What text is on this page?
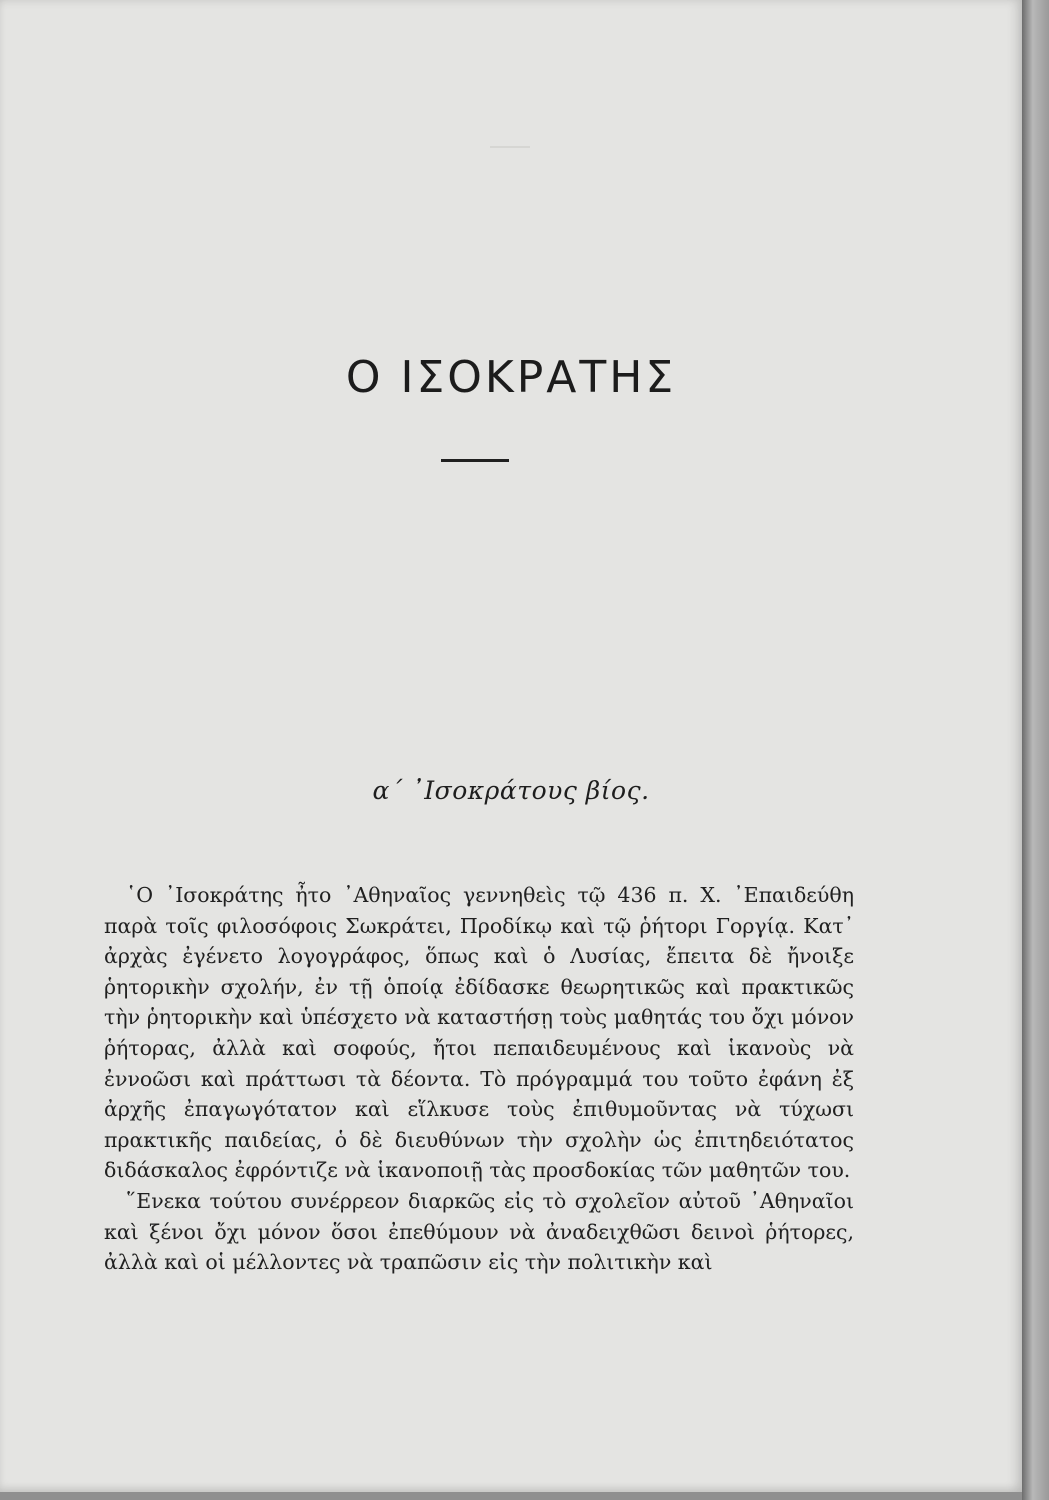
Ο ΙΣΟΚΡΑΤΗΣ
α΄ ᾽Ισοκράτους βίος.

῾Ο ᾽Ισοκράτης ἦτο ᾽Αθηναῖος γεννηθεὶς τῷ 436 π. Χ. ᾽Επαιδεύθη παρὰ τοῖς φιλοσόφοις Σωκράτει, Προδίκῳ καὶ τῷ ῥήτορι Γοργίᾳ. Κατ᾽ ἀρχὰς ἐγένετο λογογράφος, ὅπως καὶ ὁ Λυσίας, ἔπειτα δὲ ἤνοιξε ῥητορικὴν σχολήν, ἐν τῇ ὁποίᾳ ἐδίδασκε θεωρητικῶς καὶ πρακτικῶς τὴν ῥητορικὴν καὶ ὑπέσχετο νὰ καταστήσῃ τοὺς μαθητάς του ὄχι μόνον ῥήτορας, ἀλλὰ καὶ σοφούς, ἤτοι πεπαιδευμένους καὶ ἱκανοὺς νὰ ἐννοῶσι καὶ πράττωσι τὰ δέοντα. Τὸ πρόγραμμά του τοῦτο ἐφάνη ἐξ ἀρχῆς ἐπαγωγότατον καὶ εἵλκυσε τοὺς ἐπιθυμοῦντας νὰ τύχωσι πρακτικῆς παιδείας, ὁ δὲ διευθύνων τὴν σχολὴν ὡς ἐπιτηδειότατος διδάσκαλος ἐφρόντιζε νὰ ἱκανοποιῇ τὰς προσδοκίας τῶν μαθητῶν του.

῞Ενεκα τούτου συνέρρεον διαρκῶς εἰς τὸ σχολεῖον αὐτοῦ ᾽Αθηναῖοι καὶ ξένοι ὄχι μόνον ὅσοι ἐπεθύμουν νὰ ἀναδειχθῶσι δεινοὶ ῥήτορες, ἀλλὰ καὶ οἱ μέλλοντες νὰ τραπῶσιν εἰς τὴν πολιτικὴν καὶ
